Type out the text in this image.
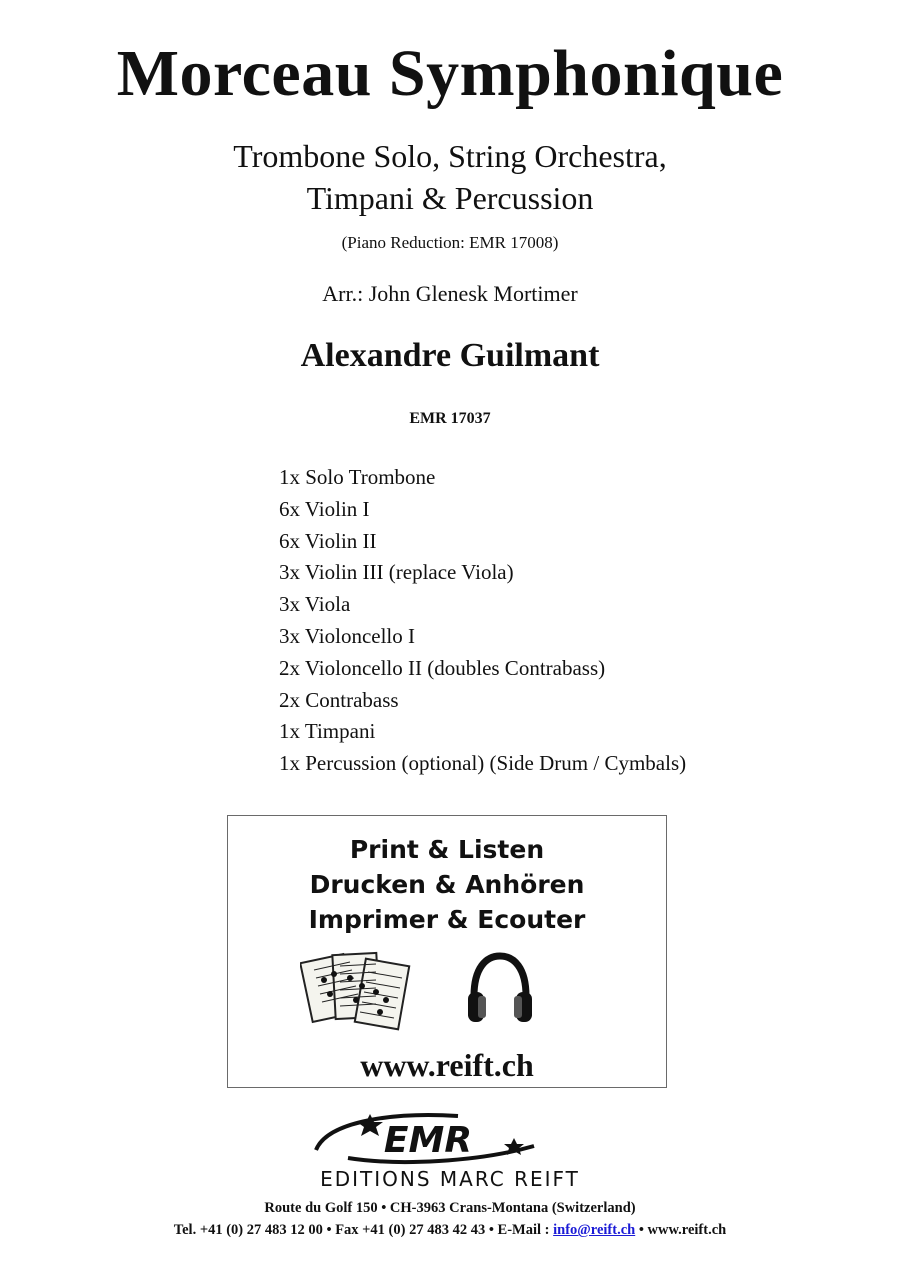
Morceau Symphonique
Trombone Solo, String Orchestra,
Timpani & Percussion
(Piano Reduction: EMR 17008)
Arr.: John Glenesk Mortimer
Alexandre Guilmant
EMR 17037
1x Solo Trombone
6x Violin I
6x Violin II
3x Violin III (replace Viola)
3x Viola
3x Violoncello I
2x Violoncello II (doubles Contrabass)
2x Contrabass
1x Timpani
1x Percussion (optional) (Side Drum / Cymbals)
Print & Listen
Drucken & Anhören
Imprimer & Ecouter
www.reift.ch
EMR
EDITIONS MARC REIFT
Route du Golf 150 • CH-3963 Crans-Montana (Switzerland)
Tel. +41 (0) 27 483 12 00 • Fax +41 (0) 27 483 42 43 • E-Mail : info@reift.ch • www.reift.ch
